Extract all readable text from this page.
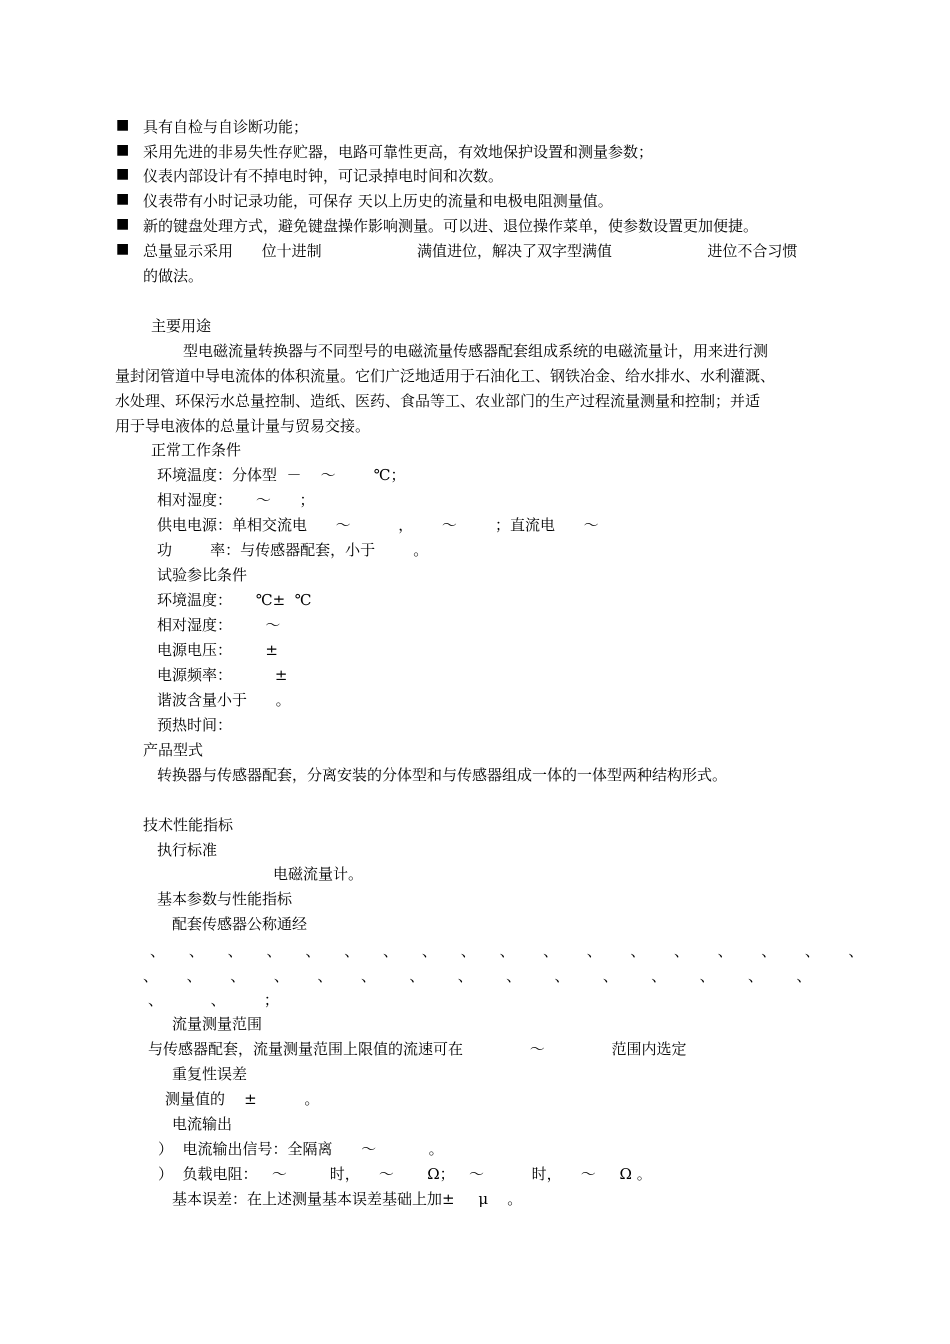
■ 具有自检与自诊断功能；
■ 采用先进的非易失性存贮器，电路可靠性更高，有效地保护设置和测量参数；
■ 仪表内部设计有不掉电时钟，可记录掉电时间和次数。
■ 仪表带有小时记录功能，可保存 天以上历史的流量和电极电阻测量值。
■ 新的键盘处理方式，避免键盘操作影响测量。可以进、退位操作菜单，使参数设置更加便捷。
■ 总量显示采用      位十进制                    满值进位，解决了双字型满值                    进位不合习惯
的做法。
主要用途
型电磁流量转换器与不同型号的电磁流量传感器配套组成系统的电磁流量计，用来进行测
量封闭管道中导电流体的体积流量。它们广泛地适用于石油化工、钢铁冶金、给水排水、水利灌溉、
水处理、环保污水总量控制、造纸、医药、食品等工、农业部门的生产过程流量测量和控制；并适
用于导电液体的总量计量与贸易交接。
正常工作条件
环境温度：分体型  －    ～        ℃；
相对湿度：     ～      ；
供电电源：单相交流电      ～          ，      ～        ；直流电      ～
功        率：与传感器配套，小于        。
试验参比条件
环境温度：     ℃±  ℃
相对湿度：       ～
电源电压：       ±
电源频率：         ±
谐波含量小于      。
预热时间：
产品型式
转换器与传感器配套，分离安装的分体型和与传感器组成一体的一体型两种结构形式。
技术性能指标
执行标准
电磁流量计。
基本参数与性能指标
配套传感器公称通经
、     、     、     、     、     、     、     、     、     、      、      、      、      、      、      、      、      、
、      、      、      、      、      、       、       、       、       、       、       、       、       、       、
、          、        ；
流量测量范围
与传感器配套，流量测量范围上限值的流速可在              ～              范围内选定
重复性误差
测量值的    ±          。
电流输出
）  电流输出信号：全隔离      ～           。
）  负载电阻：   ～         时，    ～       Ω；   ～          时，    ～     Ω 。
基本误差：在上述测量基本误差基础上加±     μ    。
